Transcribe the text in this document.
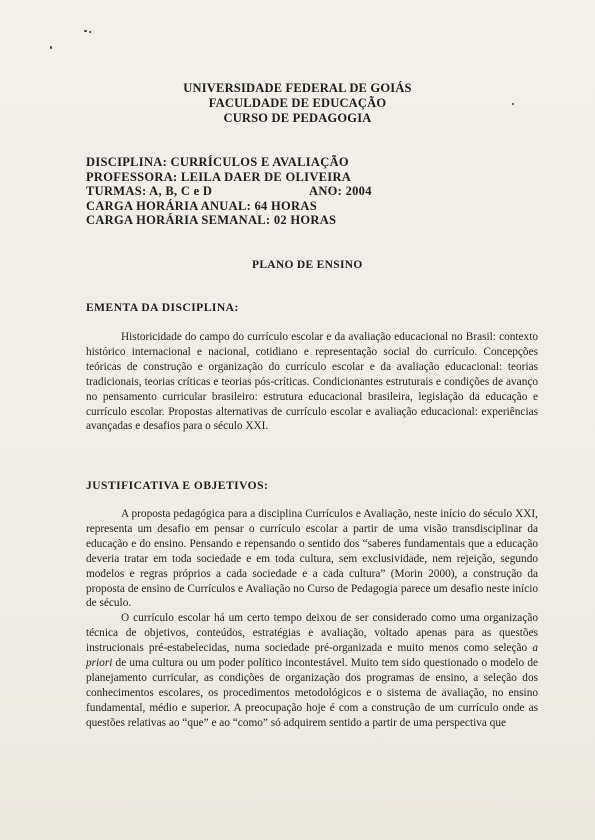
UNIVERSIDADE FEDERAL DE GOIÁS
FACULDADE DE EDUCAÇÃO
CURSO DE PEDAGOGIA
DISCIPLINA: CURRÍCULOS E AVALIAÇÃO
PROFESSORA: LEILA DAER DE OLIVEIRA
TURMAS: A, B, C e D	ANO: 2004
CARGA HORÁRIA ANUAL: 64 HORAS
CARGA HORÁRIA SEMANAL: 02 HORAS
PLANO DE ENSINO
EMENTA DA DISCIPLINA:

Historicidade do campo do currículo escolar e da avaliação educacional no Brasil: contexto histórico internacional e nacional, cotidiano e representação social do currículo. Concepções teóricas de construção e organização do currículo escolar e da avaliação educacional: teorias tradicionais, teorias críticas e teorias pós-críticas. Condicionantes estruturais e condições de avanço no pensamento curricular brasileiro: estrutura educacional brasileira, legislação da educação e currículo escolar. Propostas alternativas de currículo escolar e avaliação educacional: experiências avançadas e desafios para o século XXI.

JUSTIFICATIVA E OBJETIVOS:

A proposta pedagógica para a disciplina Currículos e Avaliação, neste início do século XXI, representa um desafio em pensar o currículo escolar a partir de uma visão transdisciplinar da educação e do ensino. Pensando e repensando o sentido dos “saberes fundamentais que a educação deveria tratar em toda sociedade e em toda cultura, sem exclusividade, nem rejeição, segundo modelos e regras próprios a cada sociedade e a cada cultura” (Morin 2000), a construção da proposta de ensino de Currículos e Avaliação no Curso de Pedagogia parece um desafio neste início de século.

O currículo escolar há um certo tempo deixou de ser considerado como uma organização técnica de objetivos, conteúdos, estratégias e avaliação, voltado apenas para as questões instrucionais pré-estabelecidas, numa sociedade pré-organizada e muito menos como seleção a priori de uma cultura ou um poder político incontestável. Muito tem sido questionado o modelo de planejamento curricular, as condições de organização dos programas de ensino, a seleção dos conhecimentos escolares, os procedimentos metodológicos e o sistema de avaliação, no ensino fundamental, médio e superior. A preocupação hoje é com a construção de um currículo onde as questões relativas ao “que” e ao “como” só adquirem sentido a partir de uma perspectiva que
